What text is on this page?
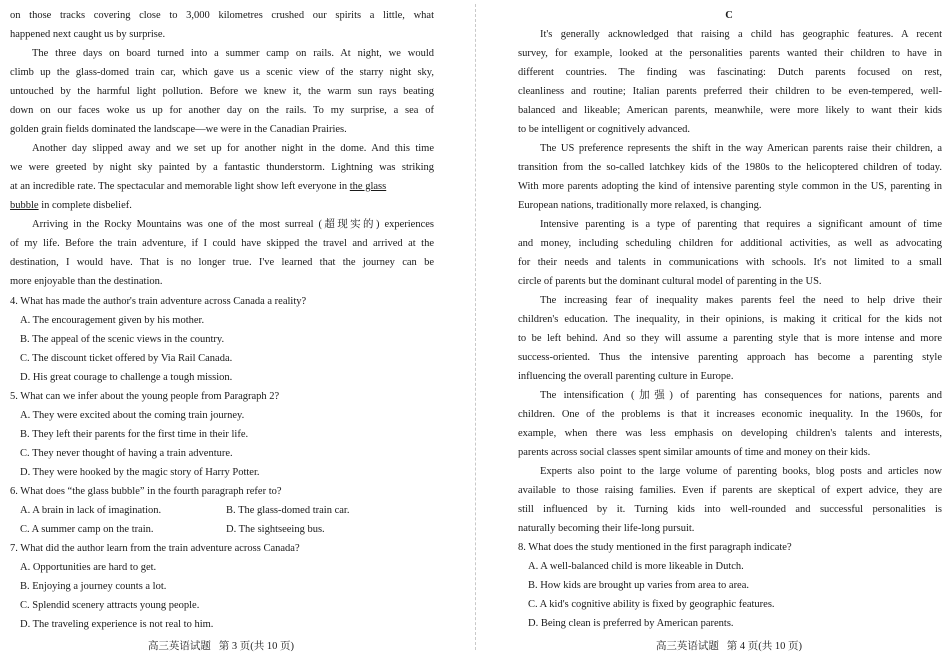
on those tracks covering close to 3,000 kilometres crushed our spirits a little, what
happened next caught us by surprise.
The three days on board turned into a summer camp on rails. At night, we would
climb up the glass-domed train car, which gave us a scenic view of the starry night sky,
untouched by the harmful light pollution. Before we knew it, the warm sun rays beating
down on our faces woke us up for another day on the rails. To my surprise, a sea of
golden grain fields dominated the landscape—we were in the Canadian Prairies.
Another day slipped away and we set up for another night in the dome. And this time
we were greeted by night sky painted by a fantastic thunderstorm. Lightning was striking
at an incredible rate. The spectacular and memorable light show left everyone in the glass
bubble in complete disbelief.
Arriving in the Rocky Mountains was one of the most surreal (超现实的) experiences
of my life. Before the train adventure, if I could have skipped the travel and arrived at the
destination, I would have. That is no longer true. I've learned that the journey can be
more enjoyable than the destination.
4. What has made the author's train adventure across Canada a reality?
A. The encouragement given by his mother.
B. The appeal of the scenic views in the country.
C. The discount ticket offered by Via Rail Canada.
D. His great courage to challenge a tough mission.
5. What can we infer about the young people from Paragraph 2?
A. They were excited about the coming train journey.
B. They left their parents for the first time in their life.
C. They never thought of having a train adventure.
D. They were hooked by the magic story of Harry Potter.
6. What does “the glass bubble” in the fourth paragraph refer to?
A. A brain in lack of imagination.	B. The glass-domed train car.
C. A summer camp on the train.	D. The sightseeing bus.
7. What did the author learn from the train adventure across Canada?
A. Opportunities are hard to get.
B. Enjoying a journey counts a lot.
C. Splendid scenery attracts young people.
D. The traveling experience is not real to him.
高三英语试题   第 3 页(共 10 页)
C
It's generally acknowledged that raising a child has geographic features. A recent
survey, for example, looked at the personalities parents wanted their children to have in
different countries. The finding was fascinating: Dutch parents focused on rest,
cleanliness and routine; Italian parents preferred their children to be even-tempered, well-
balanced and likeable; American parents, meanwhile, were more likely to want their kids
to be intelligent or cognitively advanced.
The US preference represents the shift in the way American parents raise their children, a
transition from the so-called latchkey kids of the 1980s to the helicoptered children of today.
With more parents adopting the kind of intensive parenting style common in the US, parenting in
European nations, traditionally more relaxed, is changing.
Intensive parenting is a type of parenting that requires a significant amount of time
and money, including scheduling children for additional activities, as well as advocating
for their needs and talents in communications with schools. It's not limited to a small
circle of parents but the dominant cultural model of parenting in the US.
The increasing fear of inequality makes parents feel the need to help drive their
children's education. The inequality, in their opinions, is making it critical for the kids not
to be left behind. And so they will assume a parenting style that is more intense and more
success-oriented. Thus the intensive parenting approach has become a parenting style
influencing the overall parenting culture in Europe.
The intensification (加强) of parenting has consequences for nations, parents and
children. One of the problems is that it increases economic inequality. In the 1960s, for
example, when there was less emphasis on developing children's talents and interests,
parents across social classes spent similar amounts of time and money on their kids.
Experts also point to the large volume of parenting books, blog posts and articles now
available to those raising families. Even if parents are skeptical of expert advice, they are
still influenced by it. Turning kids into well-rounded and successful personalities is
naturally becoming their life-long pursuit.
8. What does the study mentioned in the first paragraph indicate?
A. A well-balanced child is more likeable in Dutch.
B. How kids are brought up varies from area to area.
C. A kid's cognitive ability is fixed by geographic features.
D. Being clean is preferred by American parents.
高三英语试题   第 4 页(共 10 页)
